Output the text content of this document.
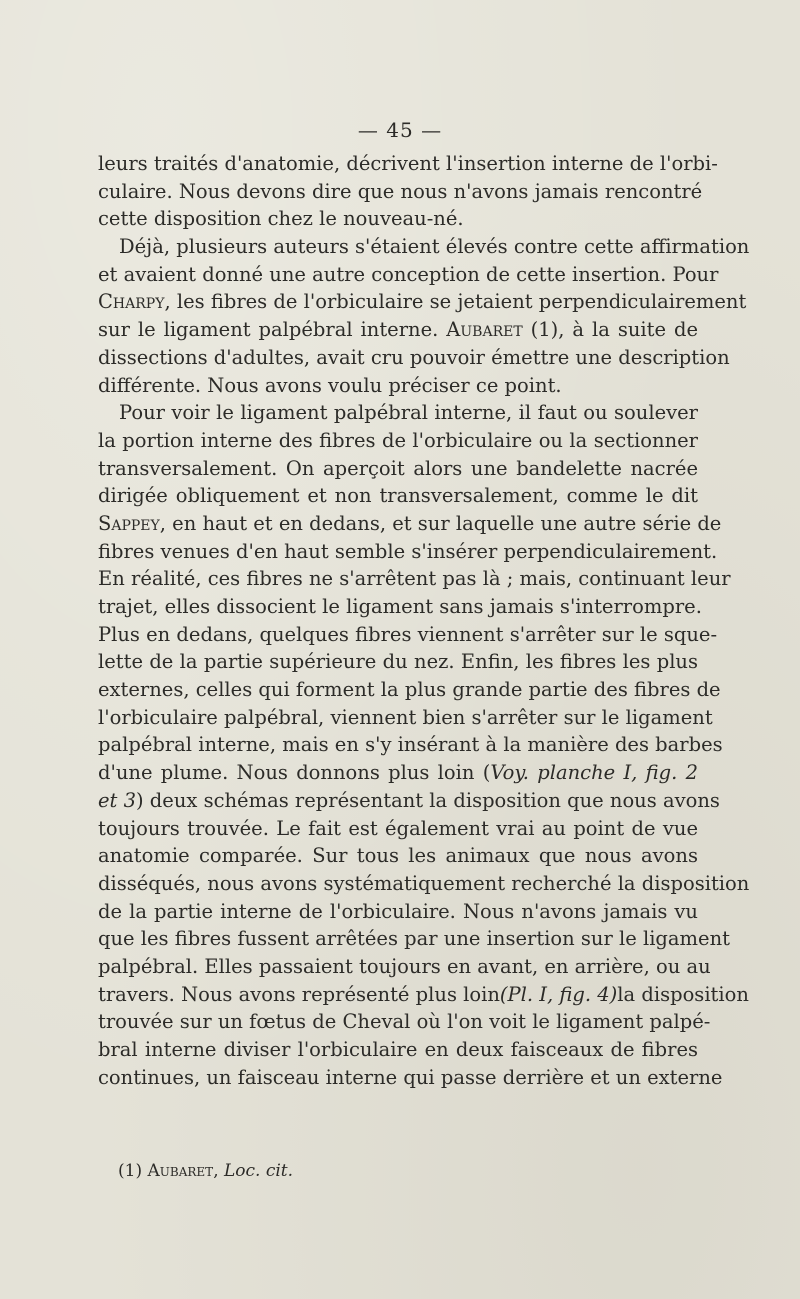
— 45 —
leurs traités d'anatomie, décrivent l'insertion interne de l'orbi-
culaire. Nous devons dire que nous n'avons jamais rencontré
cette disposition chez le nouveau-né.
Déjà, plusieurs auteurs s'étaient élevés contre cette affirmation
et avaient donné une autre conception de cette insertion. Pour
Charpy, les fibres de l'orbiculaire se jetaient perpendiculairement
sur le ligament palpébral interne. Aubaret (1), à la suite de
dissections d'adultes, avait cru pouvoir émettre une description
différente. Nous avons voulu préciser ce point.
Pour voir le ligament palpébral interne, il faut ou soulever
la portion interne des fibres de l'orbiculaire ou la sectionner
transversalement. On aperçoit alors une bandelette nacrée
dirigée obliquement et non transversalement, comme le dit
Sappey, en haut et en dedans, et sur laquelle une autre série de
fibres venues d'en haut semble s'insérer perpendiculairement.
En réalité, ces fibres ne s'arrêtent pas là ; mais, continuant leur
trajet, elles dissocient le ligament sans jamais s'interrompre.
Plus en dedans, quelques fibres viennent s'arrêter sur le sque-
lette de la partie supérieure du nez. Enfin, les fibres les plus
externes, celles qui forment la plus grande partie des fibres de
l'orbiculaire palpébral, viennent bien s'arrêter sur le ligament
palpébral interne, mais en s'y insérant à la manière des barbes
d'une plume. Nous donnons plus loin (Voy. planche I, fig. 2
et 3) deux schémas représentant la disposition que nous avons
toujours trouvée. Le fait est également vrai au point de vue
anatomie comparée. Sur tous les animaux que nous avons
disséqués, nous avons systématiquement recherché la disposition
de la partie interne de l'orbiculaire. Nous n'avons jamais vu
que les fibres fussent arrêtées par une insertion sur le ligament
palpébral. Elles passaient toujours en avant, en arrière, ou au
travers. Nous avons représenté plus loin(Pl. I, fig. 4)la disposition
trouvée sur un fœtus de Cheval où l'on voit le ligament palpé-
bral interne diviser l'orbiculaire en deux faisceaux de fibres
continues, un faisceau interne qui passe derrière et un externe
(1) Aubaret, Loc. cit.
